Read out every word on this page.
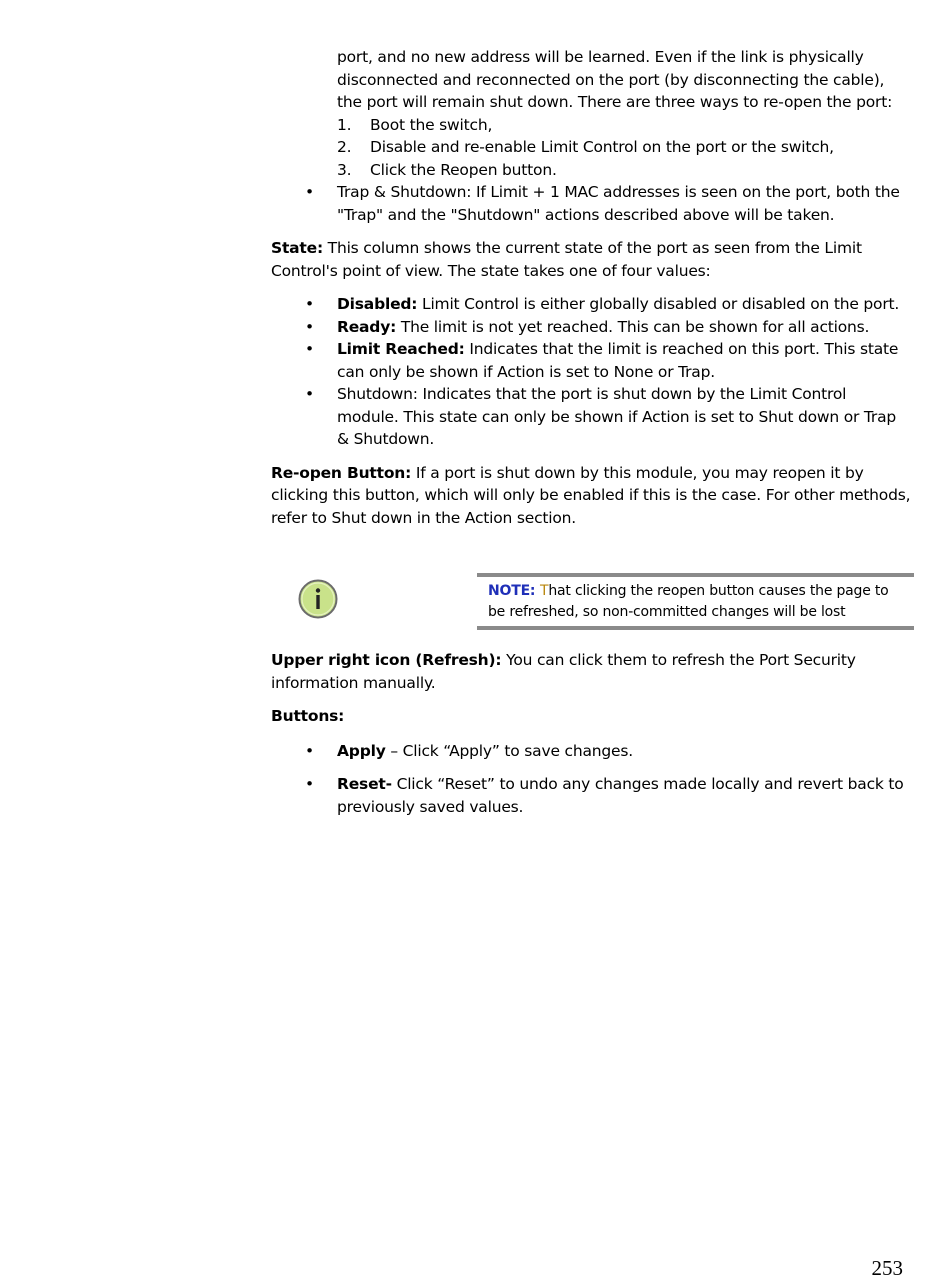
port, and no new address will be learned. Even if the link is physically disconnected and reconnected on the port (by disconnecting the cable), the port will remain shut down. There are three ways to re-open the port:

1. Boot the switch,
2. Disable and re-enable Limit Control on the port or the switch,
3. Click the Reopen button.
• Trap & Shutdown: If Limit + 1 MAC addresses is seen on the port, both the "Trap" and the "Shutdown" actions described above will be taken.

State: This column shows the current state of the port as seen from the Limit Control's point of view. The state takes one of four values:

• Disabled: Limit Control is either globally disabled or disabled on the port.
• Ready: The limit is not yet reached. This can be shown for all actions.
• Limit Reached: Indicates that the limit is reached on this port. This state can only be shown if Action is set to None or Trap.
• Shutdown: Indicates that the port is shut down by the Limit Control module. This state can only be shown if Action is set to Shut down or Trap & Shutdown.

Re-open Button: If a port is shut down by this module, you may reopen it by clicking this button, which will only be enabled if this is the case. For other methods, refer to Shut down in the Action section.

NOTE: That clicking the reopen button causes the page to be refreshed, so non-committed changes will be lost

Upper right icon (Refresh): You can click them to refresh the Port Security information manually.

Buttons:

• Apply – Click “Apply” to save changes.
• Reset- Click “Reset” to undo any changes made locally and revert back to previously saved values.
253
